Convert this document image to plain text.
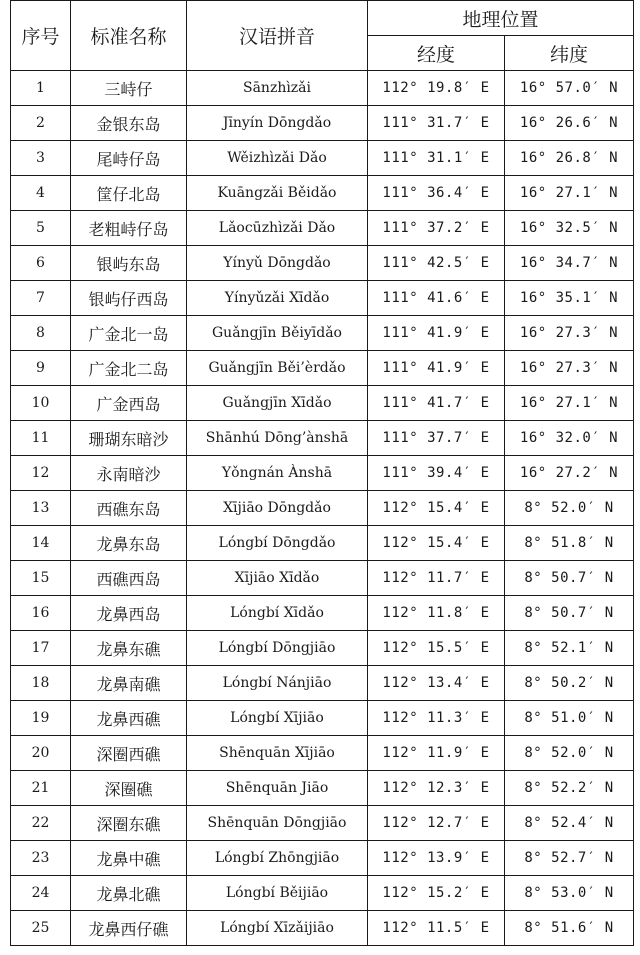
序号	标准名称	汉语拼音	地理位置	
			经度	纬度
1	三峙仔	Sānzhìzǎi	112° 19.8′ E	16° 57.0′ N
2	金银东岛	Jīnyín Dōngdǎo	111° 31.7′ E	16° 26.6′ N
3	尾峙仔岛	Wěizhìzǎi Dǎo	111° 31.1′ E	16° 26.8′ N
4	筐仔北岛	Kuāngzǎi Běidǎo	111° 36.4′ E	16° 27.1′ N
5	老粗峙仔岛	Lǎocūzhìzǎi Dǎo	111° 37.2′ E	16° 32.5′ N
6	银屿东岛	Yínyǔ Dōngdǎo	111° 42.5′ E	16° 34.7′ N
7	银屿仔西岛	Yínyǔzǎi Xīdǎo	111° 41.6′ E	16° 35.1′ N
8	广金北一岛	Guǎngjīn Běiyīdǎo	111° 41.9′ E	16° 27.3′ N
9	广金北二岛	Guǎngjīn Běi’èrdǎo	111° 41.9′ E	16° 27.3′ N
10	广金西岛	Guǎngjīn Xīdǎo	111° 41.7′ E	16° 27.1′ N
11	珊瑚东暗沙	Shānhú Dōng’ànshā	111° 37.7′ E	16° 32.0′ N
12	永南暗沙	Yǒngnán Ànshā	111° 39.4′ E	16° 27.2′ N
13	西礁东岛	Xījiāo Dōngdǎo	112° 15.4′ E	8° 52.0′ N
14	龙鼻东岛	Lóngbí Dōngdǎo	112° 15.4′ E	8° 51.8′ N
15	西礁西岛	Xījiāo Xīdǎo	112° 11.7′ E	8° 50.7′ N
16	龙鼻西岛	Lóngbí Xīdǎo	112° 11.8′ E	8° 50.7′ N
17	龙鼻东礁	Lóngbí Dōngjiāo	112° 15.5′ E	8° 52.1′ N
18	龙鼻南礁	Lóngbí Nánjiāo	112° 13.4′ E	8° 50.2′ N
19	龙鼻西礁	Lóngbí Xījiāo	112° 11.3′ E	8° 51.0′ N
20	深圈西礁	Shēnquān Xījiāo	112° 11.9′ E	8° 52.0′ N
21	深圈礁	Shēnquān Jiāo	112° 12.3′ E	8° 52.2′ N
22	深圈东礁	Shēnquān Dōngjiāo	112° 12.7′ E	8° 52.4′ N
23	龙鼻中礁	Lóngbí Zhōngjiāo	112° 13.9′ E	8° 52.7′ N
24	龙鼻北礁	Lóngbí Běijiāo	112° 15.2′ E	8° 53.0′ N
25	龙鼻西仔礁	Lóngbí Xīzǎijiāo	112° 11.5′ E	8° 51.6′ N
